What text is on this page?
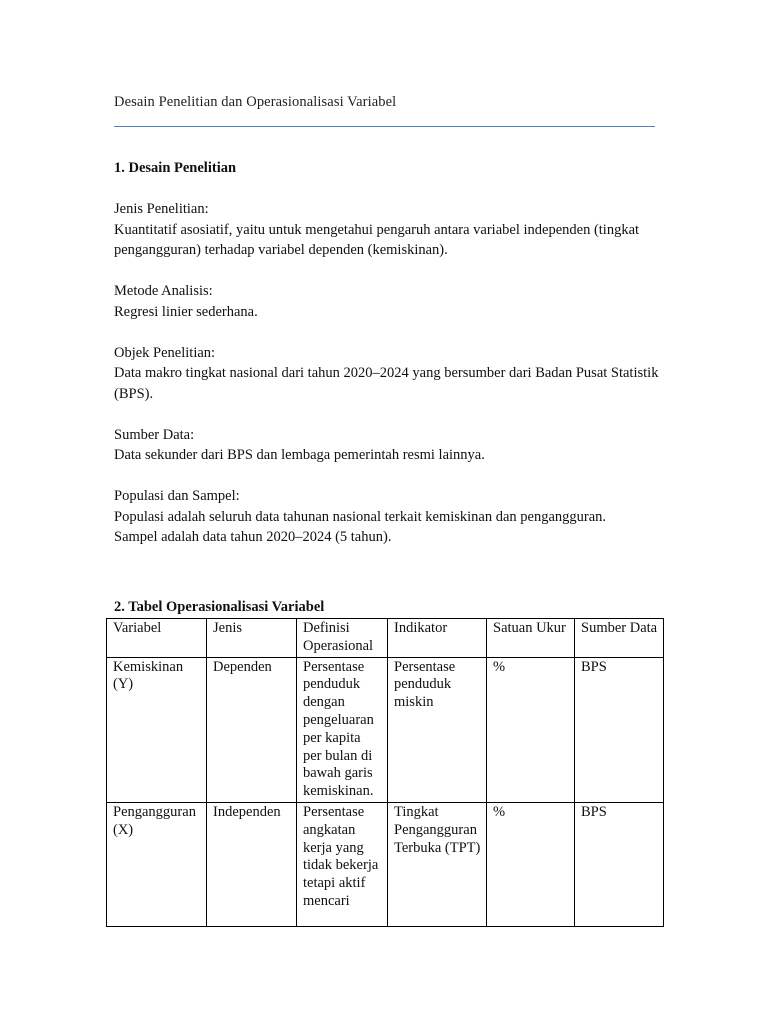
Desain Penelitian dan Operasionalisasi Variabel

1. Desain Penelitian

Jenis Penelitian:

Kuantitatif asosiatif, yaitu untuk mengetahui pengaruh antara variabel independen (tingkat pengangguran) terhadap variabel dependen (kemiskinan).

Metode Analisis:

Regresi linier sederhana.

Objek Penelitian:

Data makro tingkat nasional dari tahun 2020–2024 yang bersumber dari Badan Pusat Statistik (BPS).

Sumber Data:

Data sekunder dari BPS dan lembaga pemerintah resmi lainnya.

Populasi dan Sampel:

Populasi adalah seluruh data tahunan nasional terkait kemiskinan dan pengangguran.

Sampel adalah data tahun 2020–2024 (5 tahun).

2. Tabel Operasionalisasi Variabel
Variabel	Jenis	Definisi Operasional	Indikator	Satuan Ukur	Sumber Data
Kemiskinan (Y)	Dependen	Persentase penduduk dengan pengeluaran per kapita per bulan di bawah garis kemiskinan.	Persentase penduduk miskin	%	BPS
Pengangguran (X)	Independen	Persentase angkatan kerja yang tidak bekerja tetapi aktif mencari	Tingkat Pengangguran Terbuka (TPT)	%	BPS
